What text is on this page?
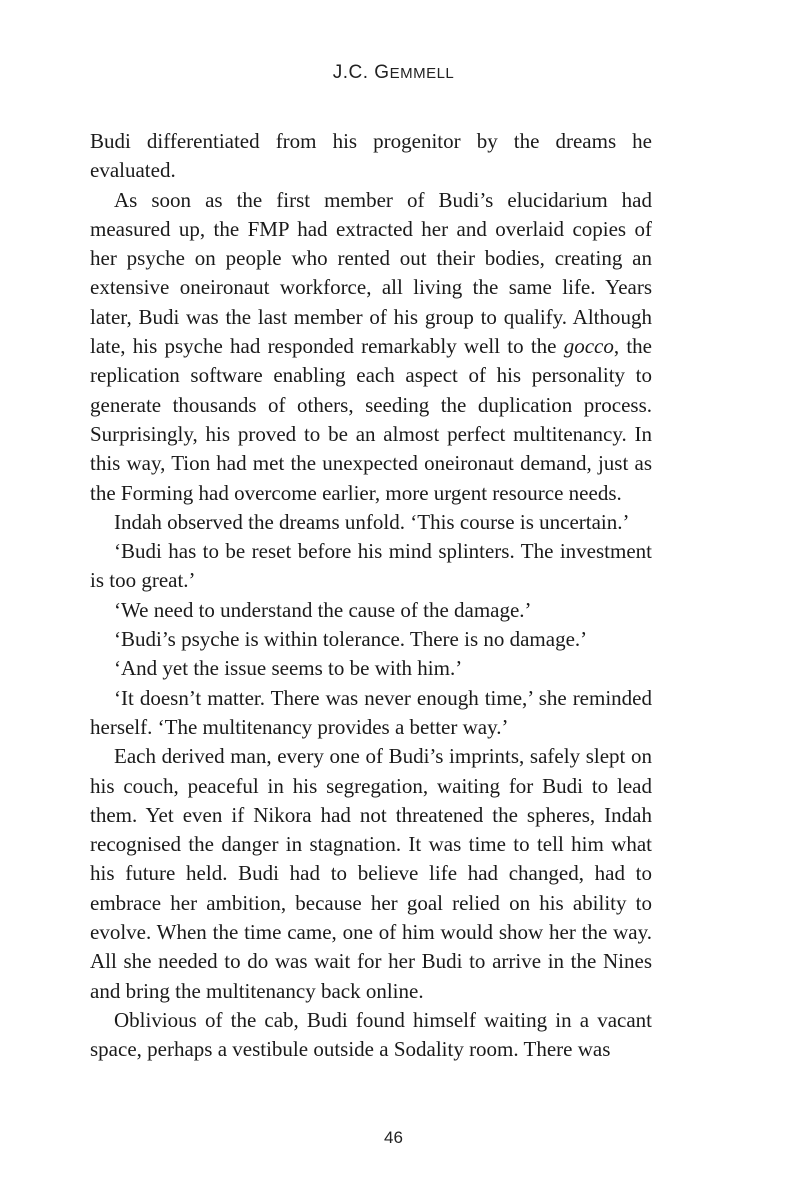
J.C. GEMMELL

Budi differentiated from his progenitor by the dreams he evaluated.

As soon as the first member of Budi’s elucidarium had measured up, the FMP had extracted her and overlaid copies of her psyche on people who rented out their bodies, creating an extensive oneironaut workforce, all living the same life. Years later, Budi was the last member of his group to qualify. Although late, his psyche had responded remarkably well to the gocco, the replication software enabling each aspect of his personality to generate thousands of others, seeding the duplication process. Surprisingly, his proved to be an almost perfect multitenancy. In this way, Tion had met the unexpected oneironaut demand, just as the Forming had overcome earlier, more urgent resource needs.

Indah observed the dreams unfold. ‘This course is uncertain.’

‘Budi has to be reset before his mind splinters. The investment is too great.’

‘We need to understand the cause of the damage.’

‘Budi’s psyche is within tolerance. There is no damage.’

‘And yet the issue seems to be with him.’

‘It doesn’t matter. There was never enough time,’ she reminded herself. ‘The multitenancy provides a better way.’

Each derived man, every one of Budi’s imprints, safely slept on his couch, peaceful in his segregation, waiting for Budi to lead them. Yet even if Nikora had not threatened the spheres, Indah recognised the danger in stagnation. It was time to tell him what his future held. Budi had to believe life had changed, had to embrace her ambition, because her goal relied on his ability to evolve. When the time came, one of him would show her the way. All she needed to do was wait for her Budi to arrive in the Nines and bring the multitenancy back online.

Oblivious of the cab, Budi found himself waiting in a vacant space, perhaps a vestibule outside a Sodality room. There was

46
